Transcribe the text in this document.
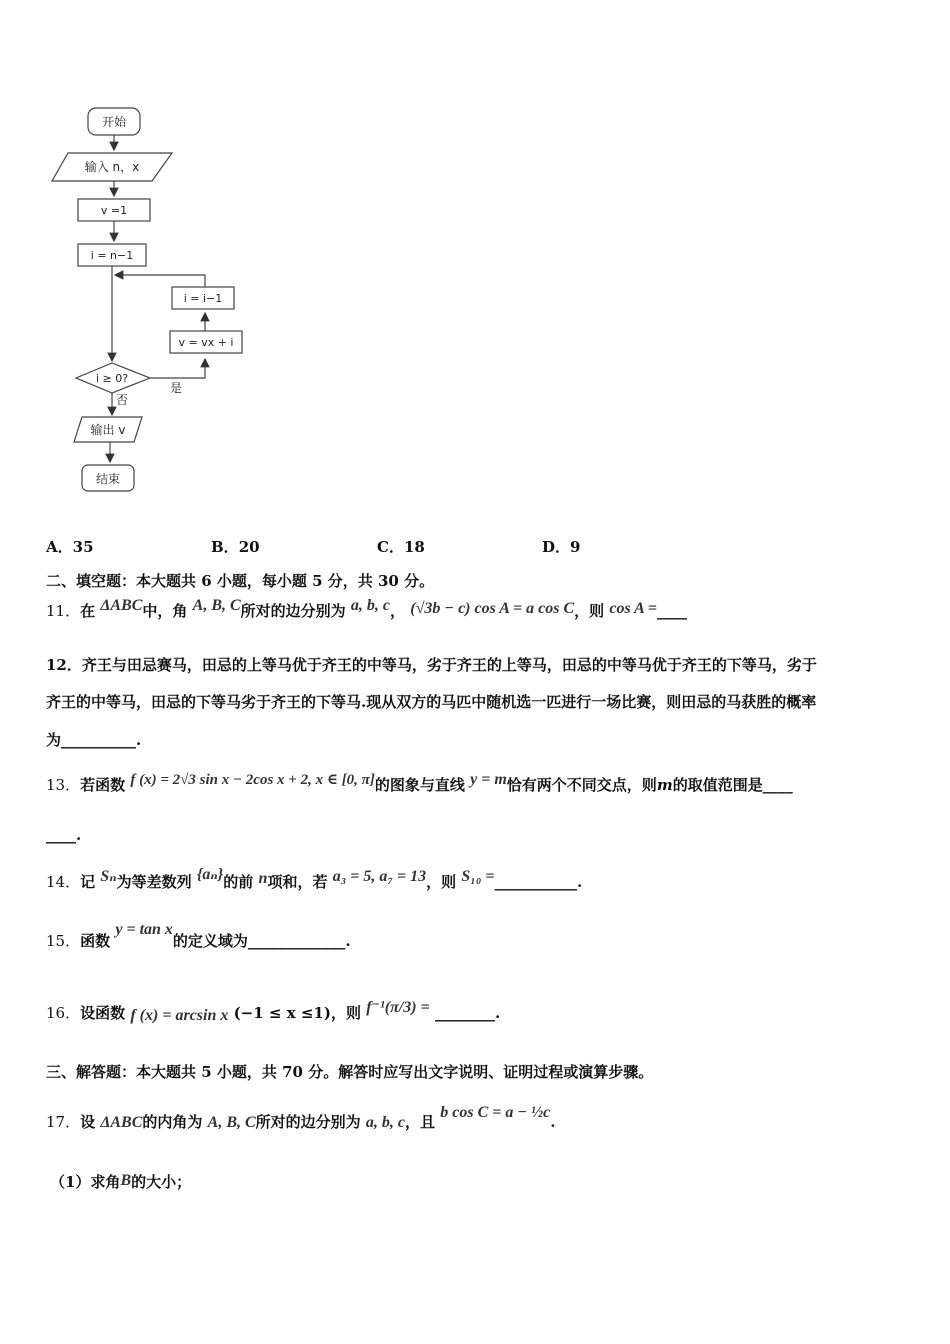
开始
输入 n，x
v =1
i = n−1
i = i−1
v = vx + i
i ≥ 0?
是
否
输出 v
结束
A．35	B．20	C．18	D．9
二、填空题：本大题共 6 小题，每小题 5 分，共 30 分。
11．在 ΔABC中，角 A, B, C所对的边分别为 a, b, c， (√3b − c) cos A = a cos C，则 cos A =____
12．齐王与田忌赛马，田忌的上等马优于齐王的中等马，劣于齐王的上等马，田忌的中等马优于齐王的下等马，劣于
齐王的中等马，田忌的下等马劣于齐王的下等马.现从双方的马匹中随机选一匹进行一场比赛，则田忌的马获胜的概率
为__________.
13．若函数 f (x) = 2√3 sin x − 2cos x + 2, x ∈ [0, π]的图象与直线 y = m恰有两个不同交点，则m的取值范围是____
____.
14．记 Sₙ为等差数列 {aₙ}的前 n项和，若 a₃ = 5, a₇ = 13，则 S₁₀ =___________.
15．函数 y = tan x的定义域为_____________.
16．设函数 f (x) = arcsin x (−1 ≤ x ≤1)，则 f⁻¹(π/3) = ________.
三、解答题：本大题共 5 小题，共 70 分。解答时应写出文字说明、证明过程或演算步骤。
17．设 ΔABC的内角为 A, B, C所对的边分别为 a, b, c，且 b cos C = a − ½c.
（1）求角B的大小；
